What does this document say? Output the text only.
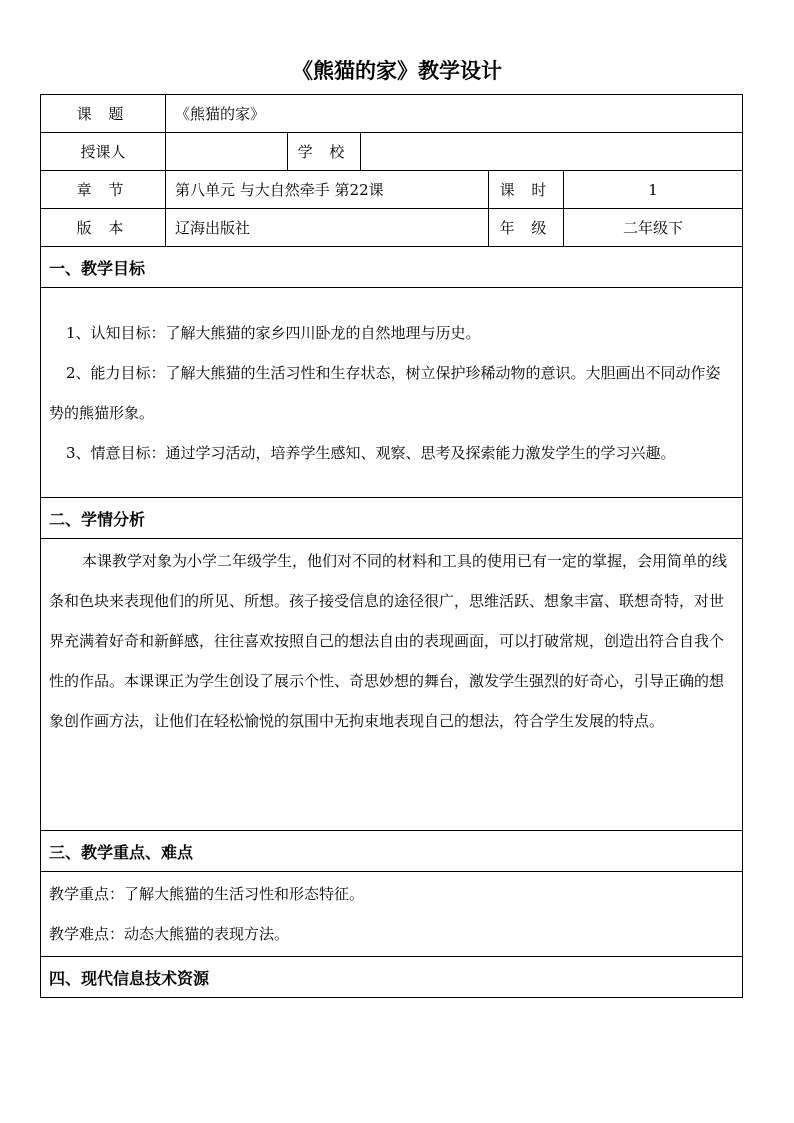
《熊猫的家》教学设计
课 题	《熊猫的家》				
授课人		学 校			
章 节	第八单元 与大自然牵手 第22课			课 时	1
版 本	辽海出版社			年 级	二年级下
一、教学目标					

1、认知目标：了解大熊猫的家乡四川卧龙的自然地理与历史。

2、能力目标：了解大熊猫的生活习性和生存状态，树立保护珍稀动物的意识。大胆画出不同动作姿势的熊猫形象。

3、情意目标：通过学习活动，培养学生感知、观察、思考及探索能力激发学生的学习兴趣。					

二、学情分析					

本课教学对象为小学二年级学生，他们对不同的材料和工具的使用已有一定的掌握，会用简单的线条和色块来表现他们的所见、所想。孩子接受信息的途径很广，思维活跃、想象丰富、联想奇特，对世界充满着好奇和新鲜感，往往喜欢按照自己的想法自由的表现画面，可以打破常规，创造出符合自我个性的作品。本课课正为学生创设了展示个性、奇思妙想的舞台，激发学生强烈的好奇心，引导正确的想象创作画方法，让他们在轻松愉悦的氛围中无拘束地表现自己的想法，符合学生发展的特点。					

三、教学重点、难点					

教学重点：了解大熊猫的生活习性和形态特征。

教学难点：动态大熊猫的表现方法。					

四、现代信息技术资源					
